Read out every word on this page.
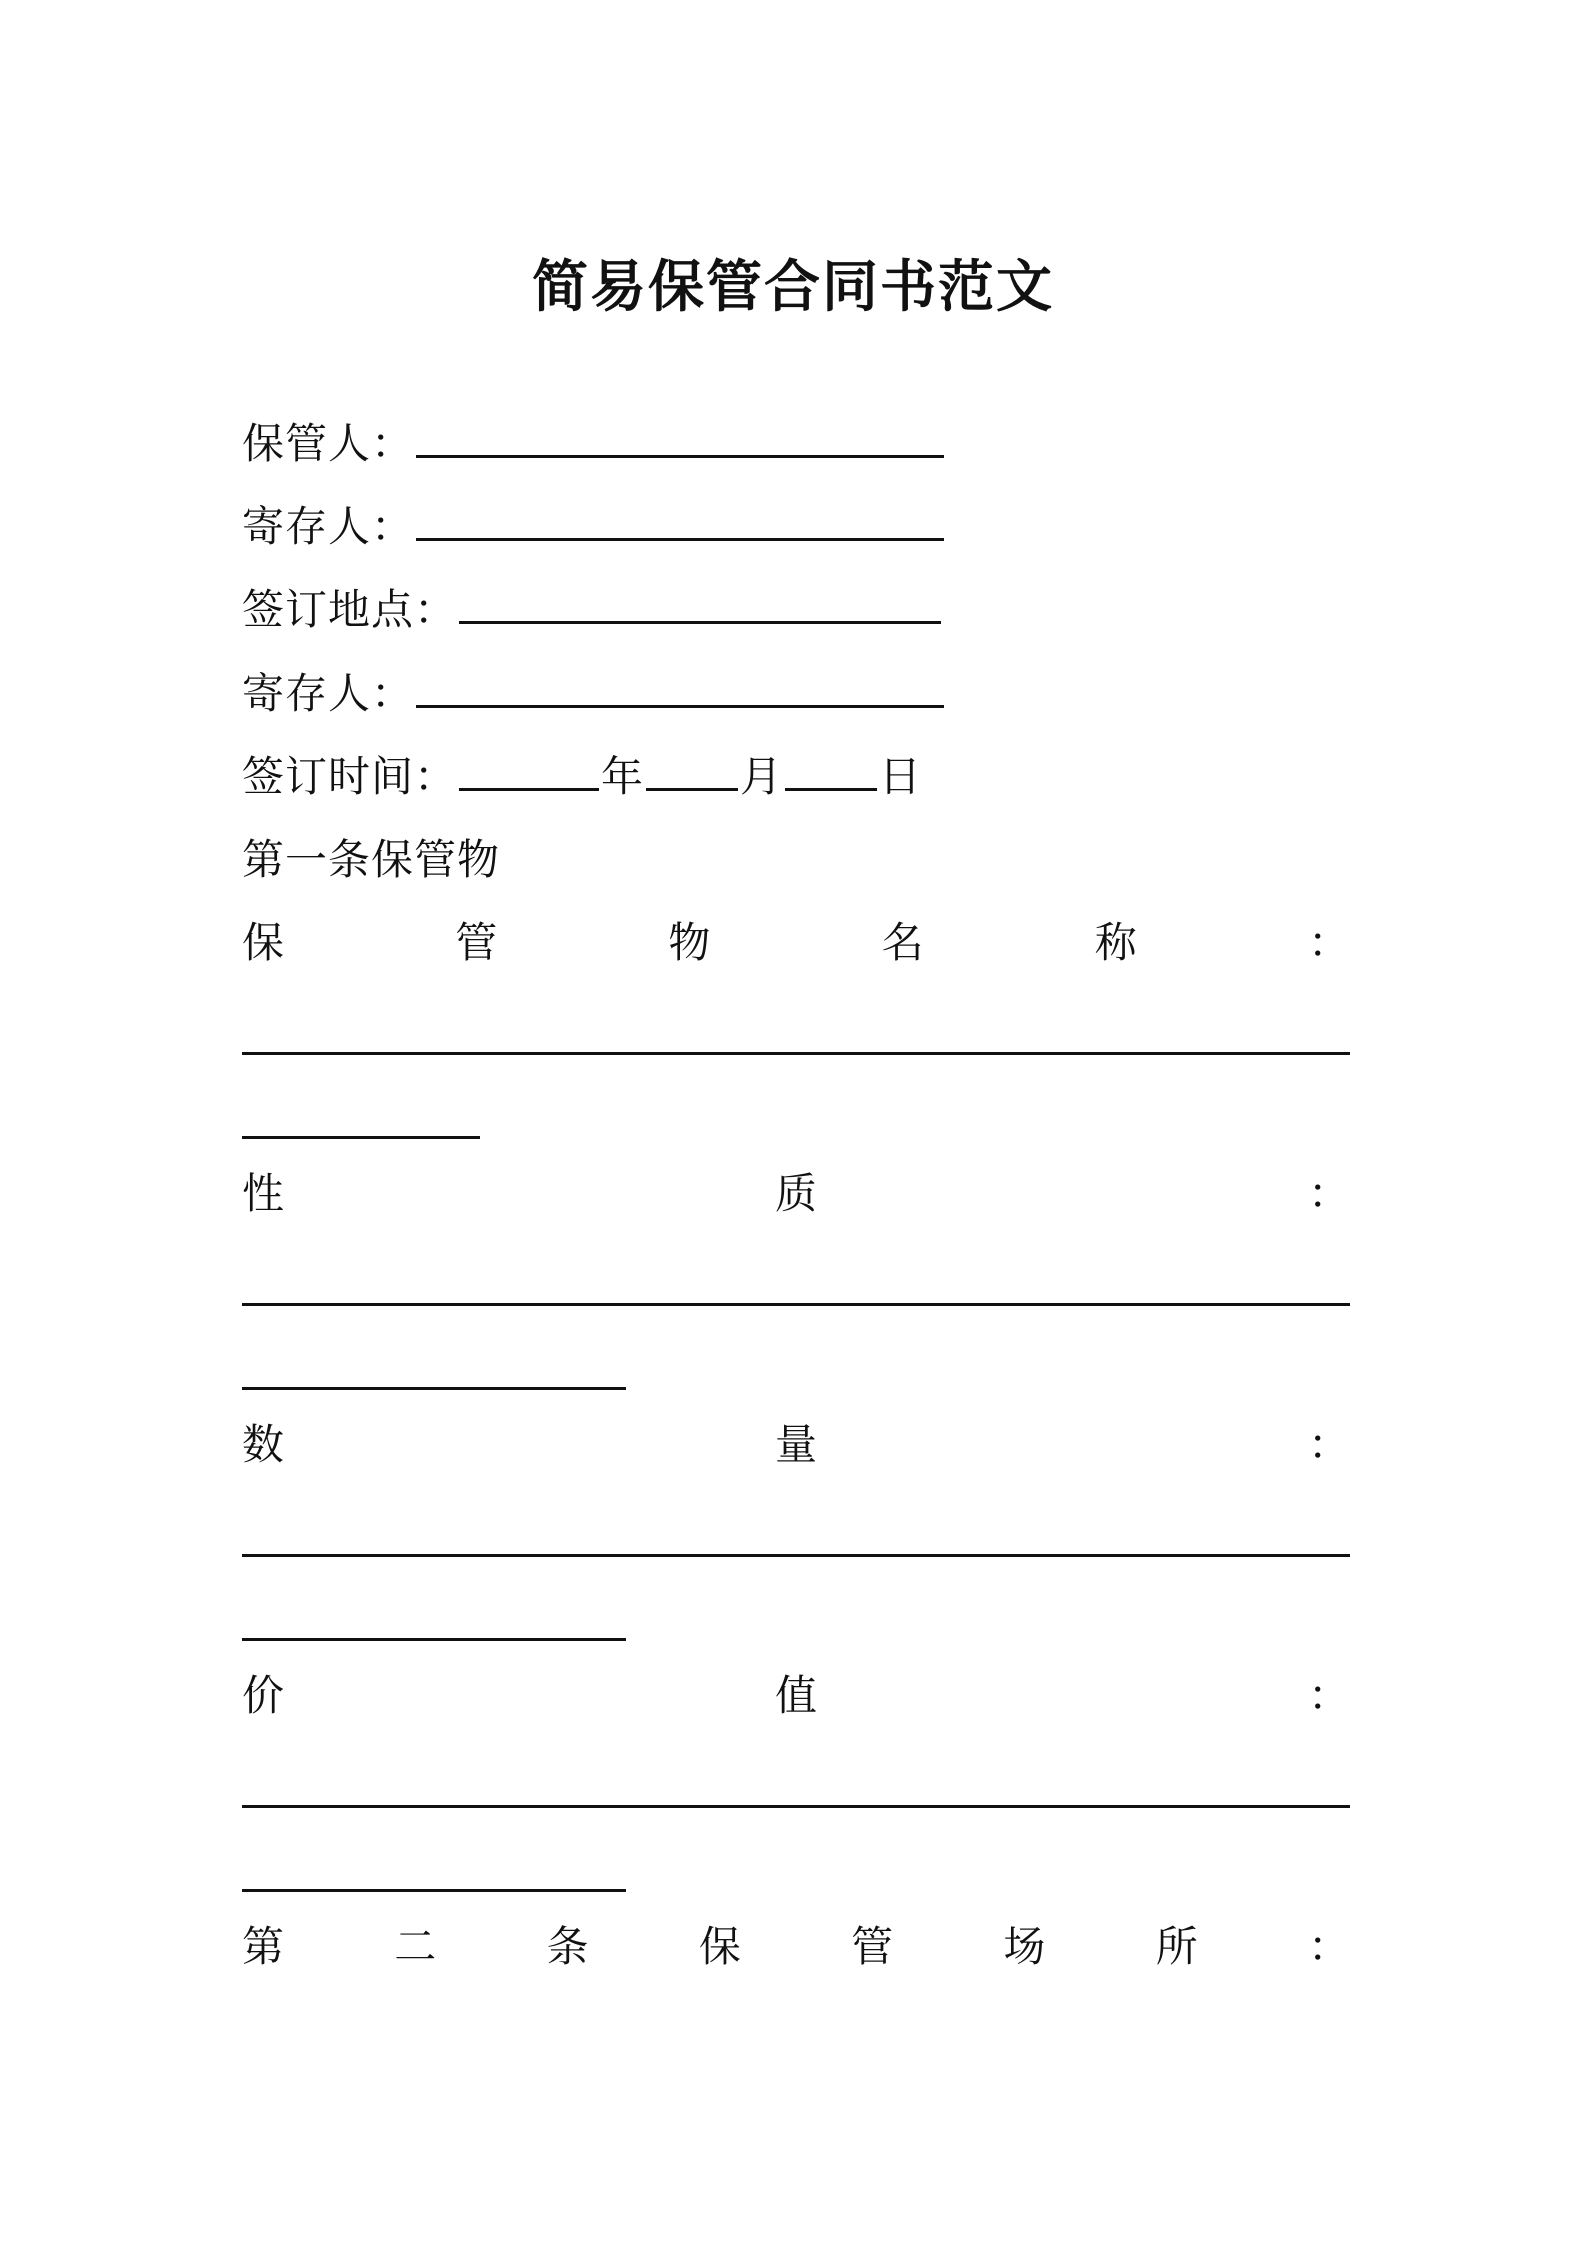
简易保管合同书范文
保管人：
寄存人：
签订地点：
寄存人：
签订时间：	年 月 日
第一条保管物
保	管	物	名	称	：
性	质	：
数	量	：
价	值	：
第	二	条	保	管	场	所	：
